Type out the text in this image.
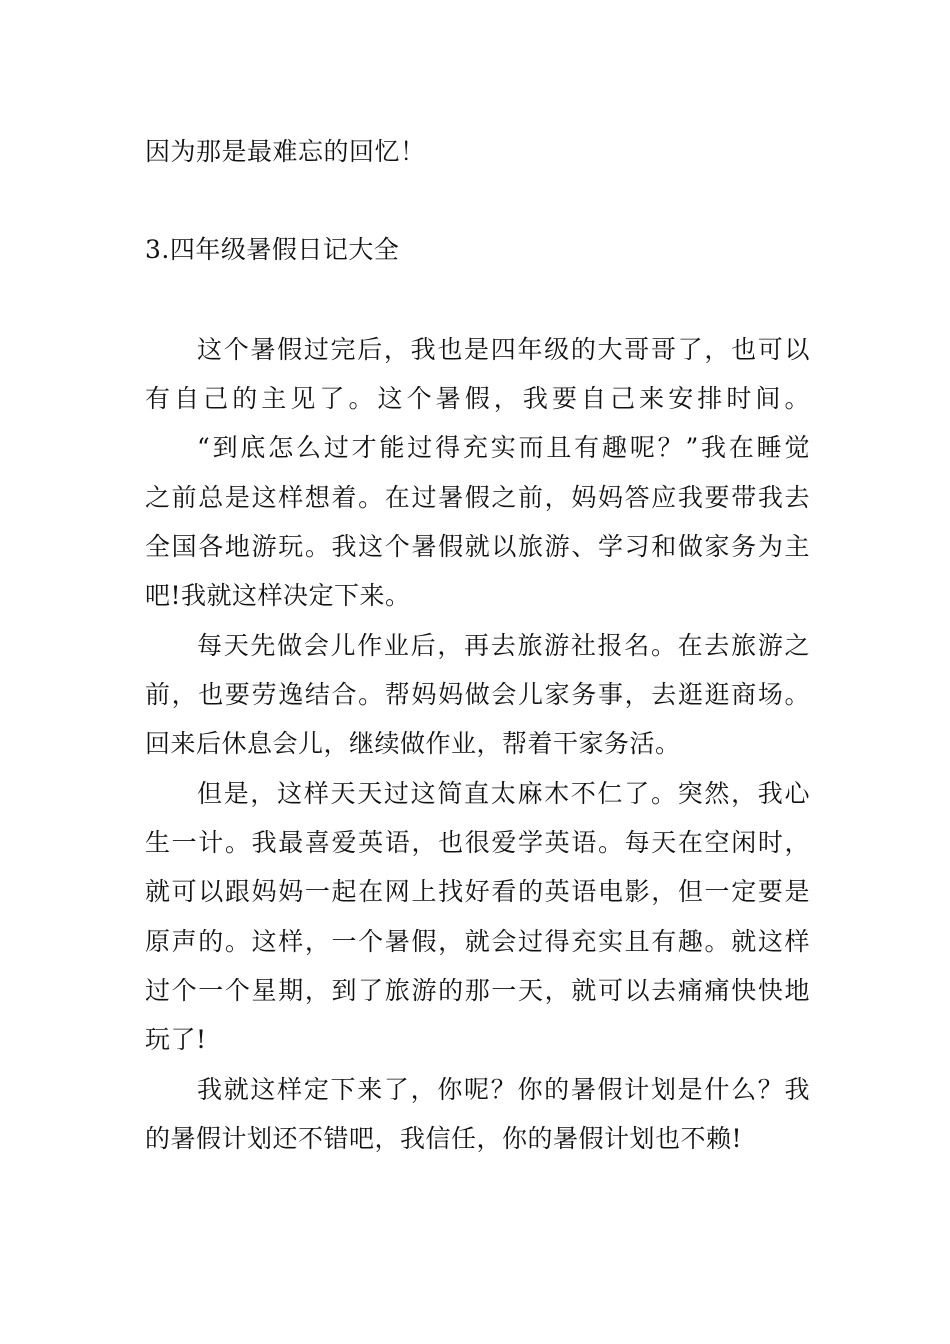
因为那是最难忘的回忆！
3.四年级暑假日记大全
这个暑假过完后，我也是四年级的大哥哥了，也可以
有自己的主见了。这个暑假，我要自己来安排时间。
“到底怎么过才能过得充实而且有趣呢？”我在睡觉
之前总是这样想着。在过暑假之前，妈妈答应我要带我去
全国各地游玩。我这个暑假就以旅游、学习和做家务为主
吧!我就这样决定下来。
每天先做会儿作业后，再去旅游社报名。在去旅游之
前，也要劳逸结合。帮妈妈做会儿家务事，去逛逛商场。
回来后休息会儿，继续做作业，帮着干家务活。
但是，这样天天过这简直太麻木不仁了。突然，我心
生一计。我最喜爱英语，也很爱学英语。每天在空闲时，
就可以跟妈妈一起在网上找好看的英语电影，但一定要是
原声的。这样，一个暑假，就会过得充实且有趣。就这样
过个一个星期，到了旅游的那一天，就可以去痛痛快快地
玩了!
我就这样定下来了，你呢？你的暑假计划是什么？我
的暑假计划还不错吧，我信任，你的暑假计划也不赖!
